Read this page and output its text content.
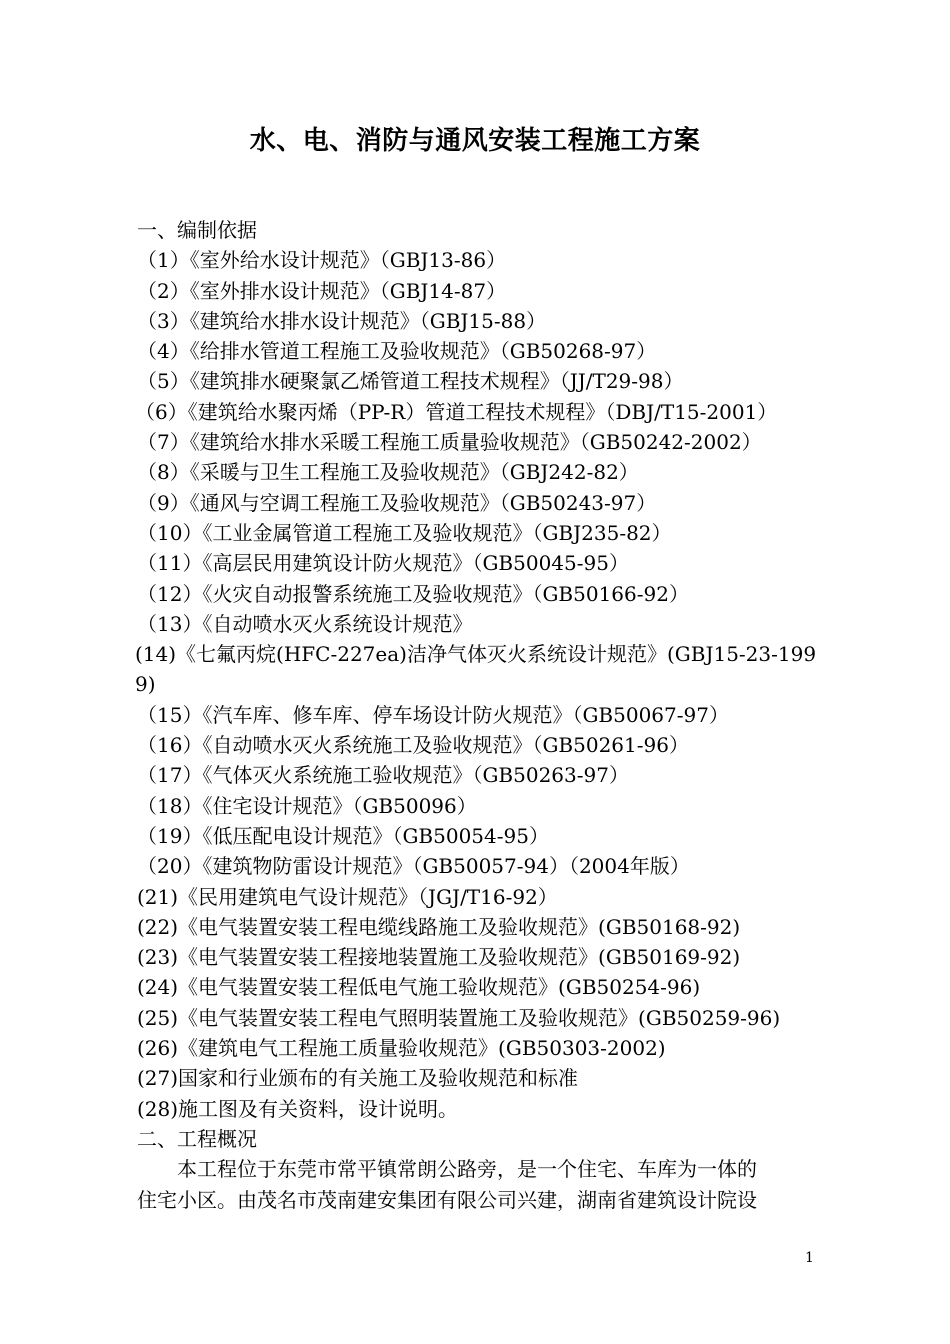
水、电、消防与通风安装工程施工方案
一、编制依据
（1）《室外给水设计规范》（GBJ13-86）
（2）《室外排水设计规范》（GBJ14-87）
（3）《建筑给水排水设计规范》（GBJ15-88）
（4）《给排水管道工程施工及验收规范》（GB50268-97）
（5）《建筑排水硬聚氯乙烯管道工程技术规程》（JJ/T29-98）
（6）《建筑给水聚丙烯（PP-R）管道工程技术规程》（DBJ/T15-2001）
（7）《建筑给水排水采暖工程施工质量验收规范》（GB50242-2002）
（8）《采暖与卫生工程施工及验收规范》（GBJ242-82）
（9）《通风与空调工程施工及验收规范》（GB50243-97）
（10）《工业金属管道工程施工及验收规范》（GBJ235-82）
（11）《高层民用建筑设计防火规范》（GB50045-95）
（12）《火灾自动报警系统施工及验收规范》（GB50166-92）
（13）《自动喷水灭火系统设计规范》
(14)《七氟丙烷(HFC-227ea)洁净气体灭火系统设计规范》(GBJ15-23-1999)
（15）《汽车库、修车库、停车场设计防火规范》（GB50067-97）
（16）《自动喷水灭火系统施工及验收规范》（GB50261-96）
（17）《气体灭火系统施工验收规范》（GB50263-97）
（18）《住宅设计规范》（GB50096）
（19）《低压配电设计规范》（GB50054-95）
（20）《建筑物防雷设计规范》（GB50057-94）（2004年版）
(21)《民用建筑电气设计规范》（JGJ/T16-92）
(22)《电气装置安装工程电缆线路施工及验收规范》(GB50168-92)
(23)《电气装置安装工程接地装置施工及验收规范》(GB50169-92)
(24)《电气装置安装工程低电气施工验收规范》(GB50254-96)
(25)《电气装置安装工程电气照明装置施工及验收规范》(GB50259-96)
(26)《建筑电气工程施工质量验收规范》(GB50303-2002)
(27)国家和行业颁布的有关施工及验收规范和标准
(28)施工图及有关资料，设计说明。
二、工程概况
本工程位于东莞市常平镇常朗公路旁，是一个住宅、车库为一体的
住宅小区。由茂名市茂南建安集团有限公司兴建，湖南省建筑设计院设
1
